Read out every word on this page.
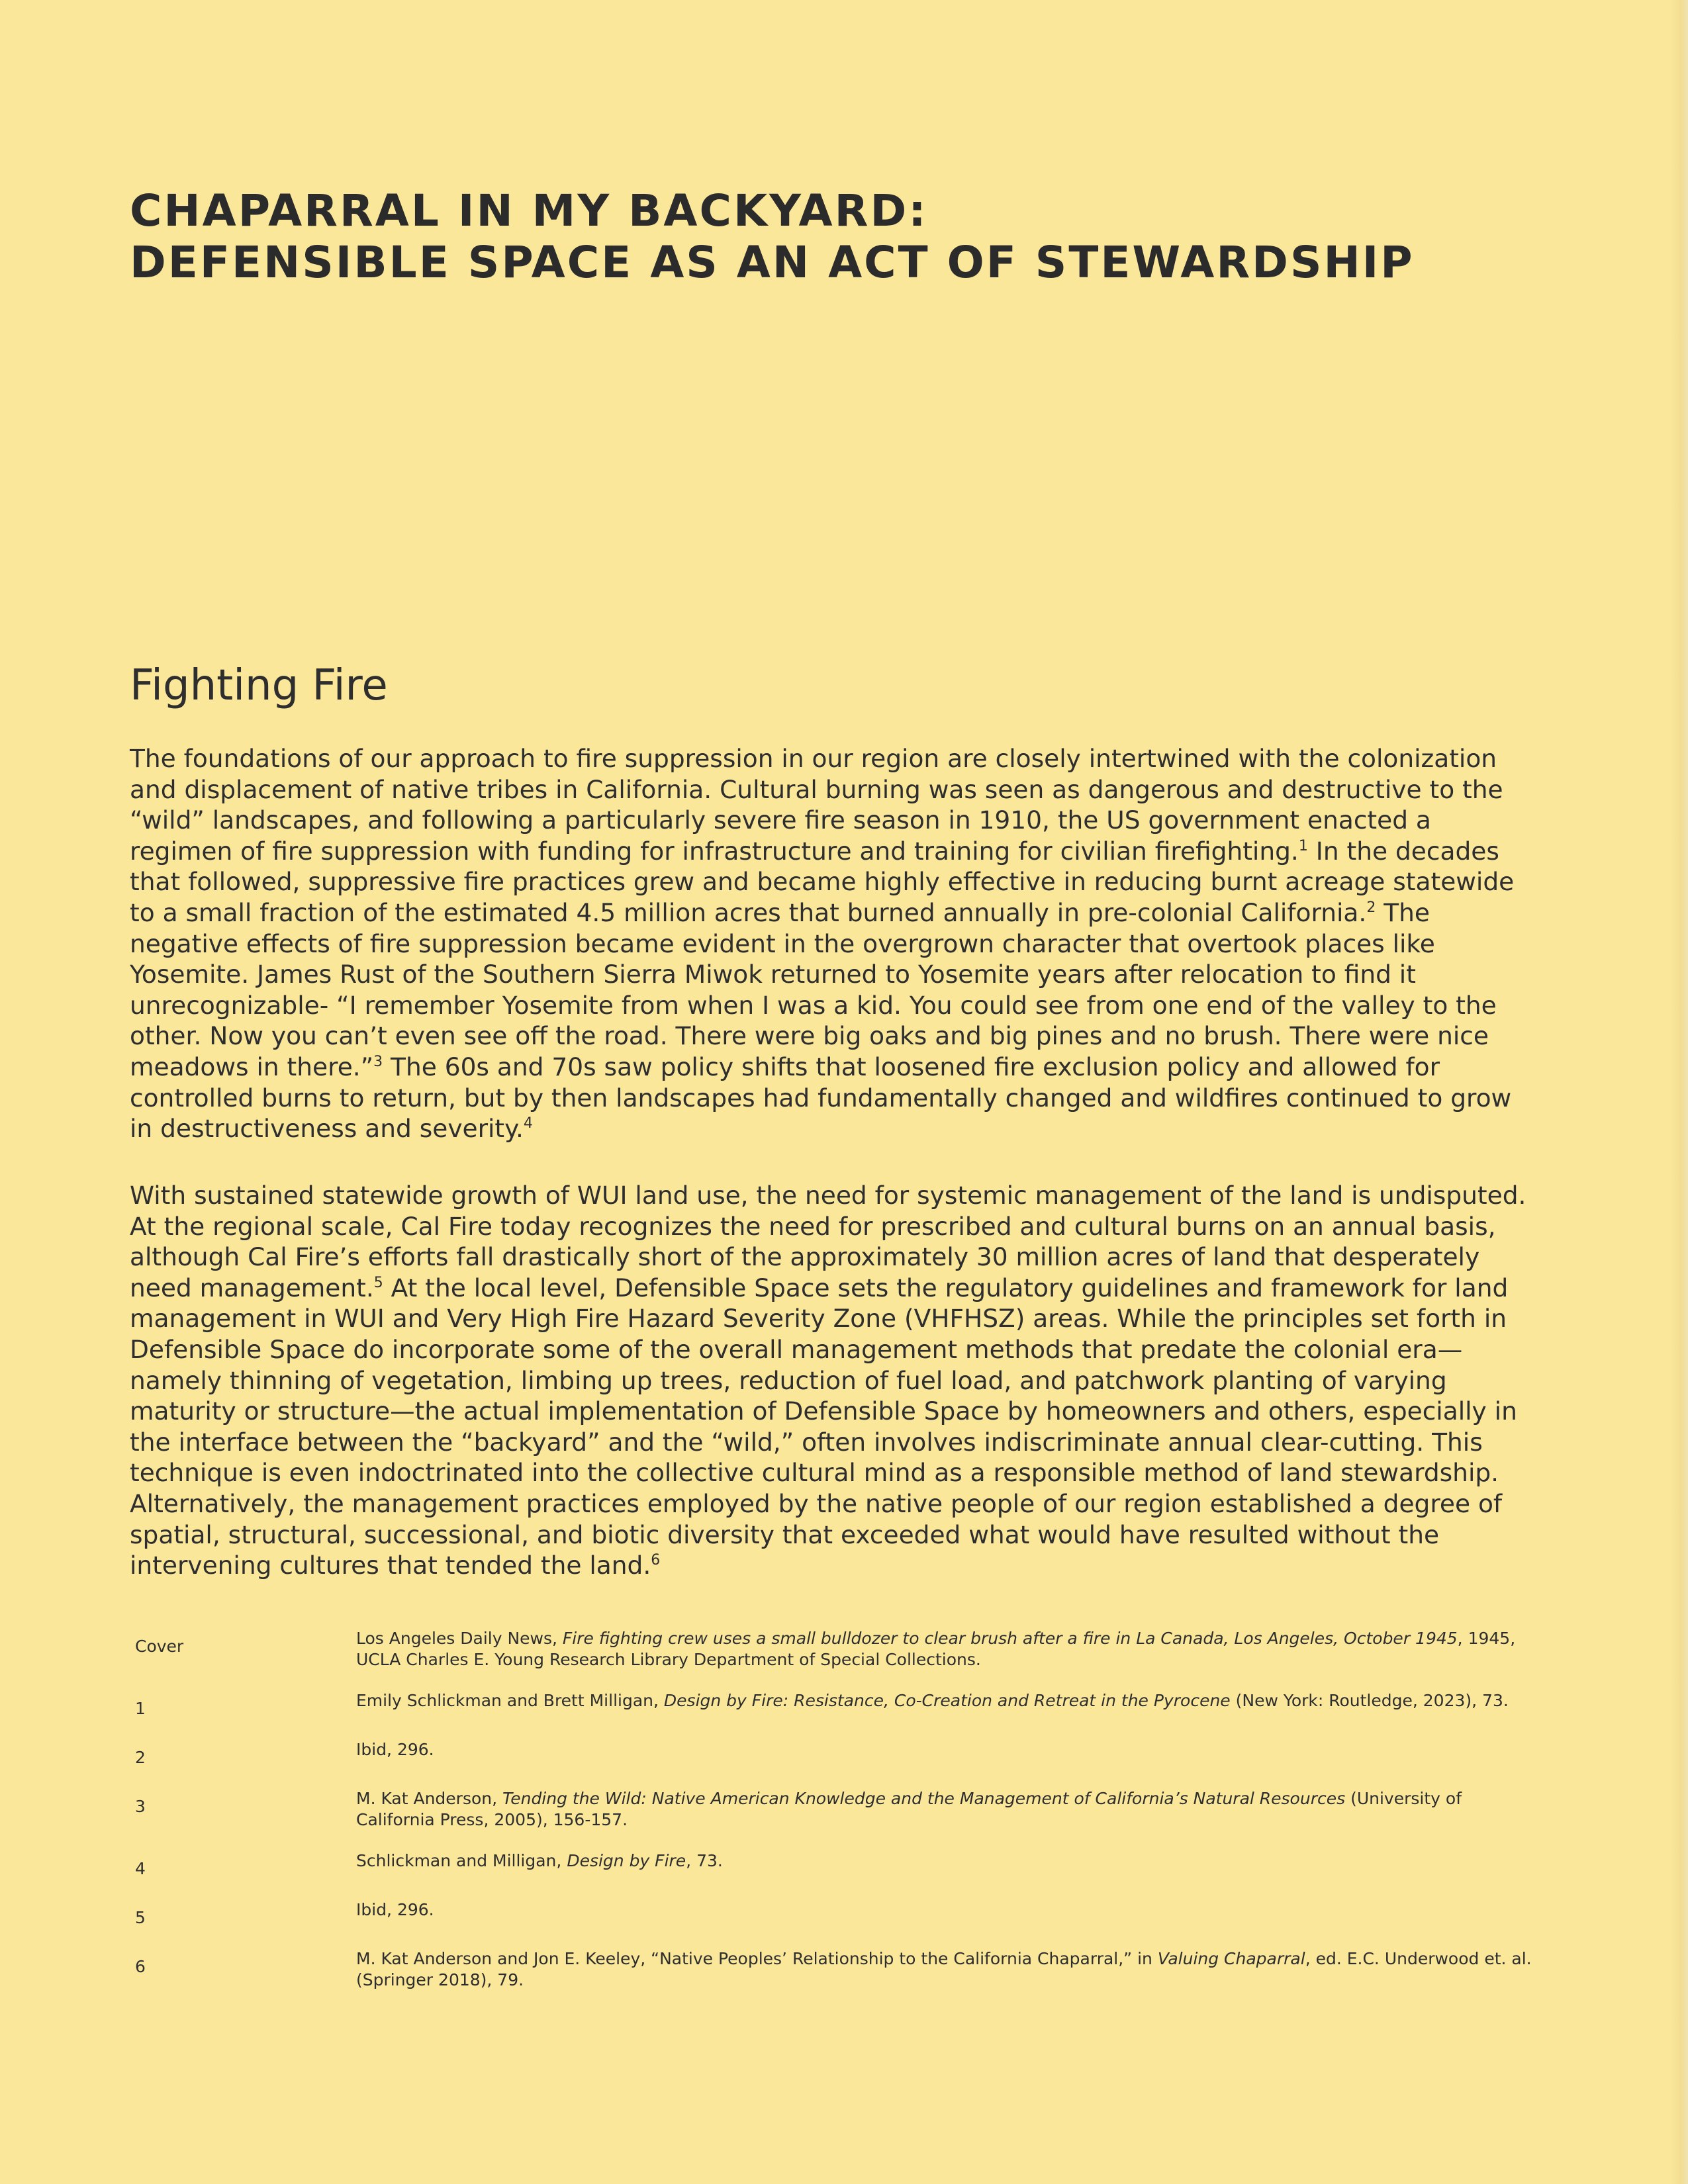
CHAPARRAL IN MY BACKYARD:
DEFENSIBLE SPACE AS AN ACT OF STEWARDSHIP
Fighting Fire

The foundations of our approach to fire suppression in our region are closely intertwined with the colonization and displacement of native tribes in California. Cultural burning was seen as dangerous and destructive to the “wild” landscapes, and following a particularly severe fire season in 1910, the US government enacted a regimen of fire suppression with funding for infrastructure and training for civilian firefighting.$^1$ In the decades that followed, suppressive fire practices grew and became highly effective in reducing burnt acreage statewide to a small fraction of the estimated 4.5 million acres that burned annually in pre-colonial California.$^2$ The negative effects of fire suppression became evident in the overgrown character that overtook places like Yosemite. James Rust of the Southern Sierra Miwok returned to Yosemite years after relocation to find it unrecognizable- “I remember Yosemite from when I was a kid. You could see from one end of the valley to the other. Now you can’t even see off the road. There were big oaks and big pines and no brush. There were nice meadows in there.”$^3$ The 60s and 70s saw policy shifts that loosened fire exclusion policy and allowed for controlled burns to return, but by then landscapes had fundamentally changed and wildfires continued to grow in destructiveness and severity.$^4$

With sustained statewide growth of WUI land use, the need for systemic management of the land is undisputed. At the regional scale, Cal Fire today recognizes the need for prescribed and cultural burns on an annual basis, although Cal Fire’s efforts fall drastically short of the approximately 30 million acres of land that desperately need management.$^5$ At the local level, Defensible Space sets the regulatory guidelines and framework for land management in WUI and Very High Fire Hazard Severity Zone (VHFHSZ) areas. While the principles set forth in Defensible Space do incorporate some of the overall management methods that predate the colonial era—namely thinning of vegetation, limbing up trees, reduction of fuel load, and patchwork planting of varying maturity or structure—the actual implementation of Defensible Space by homeowners and others, especially in the interface between the “backyard” and the “wild,” often involves indiscriminate annual clear-cutting. This technique is even indoctrinated into the collective cultural mind as a responsible method of land stewardship. Alternatively, the management practices employed by the native people of our region established a degree of spatial, structural, successional, and biotic diversity that exceeded what would have resulted without the intervening cultures that tended the land.$^6$

Cover	Los Angeles Daily News, Fire fighting crew uses a small bulldozer to clear brush after a fire in La Canada, Los Angeles, October 1945, 1945, UCLA Charles E. Young Research Library Department of Special Collections.
1	Emily Schlickman and Brett Milligan, Design by Fire: Resistance, Co-Creation and Retreat in the Pyrocene (New York: Routledge, 2023), 73.
2	Ibid, 296.
3	M. Kat Anderson, Tending the Wild: Native American Knowledge and the Management of California’s Natural Resources (University of California Press, 2005), 156-157.
4	Schlickman and Milligan, Design by Fire, 73.
5	Ibid, 296.
6	M. Kat Anderson and Jon E. Keeley, “Native Peoples’ Relationship to the California Chaparral,” in Valuing Chaparral, ed. E.C. Underwood et. al. (Springer 2018), 79.
